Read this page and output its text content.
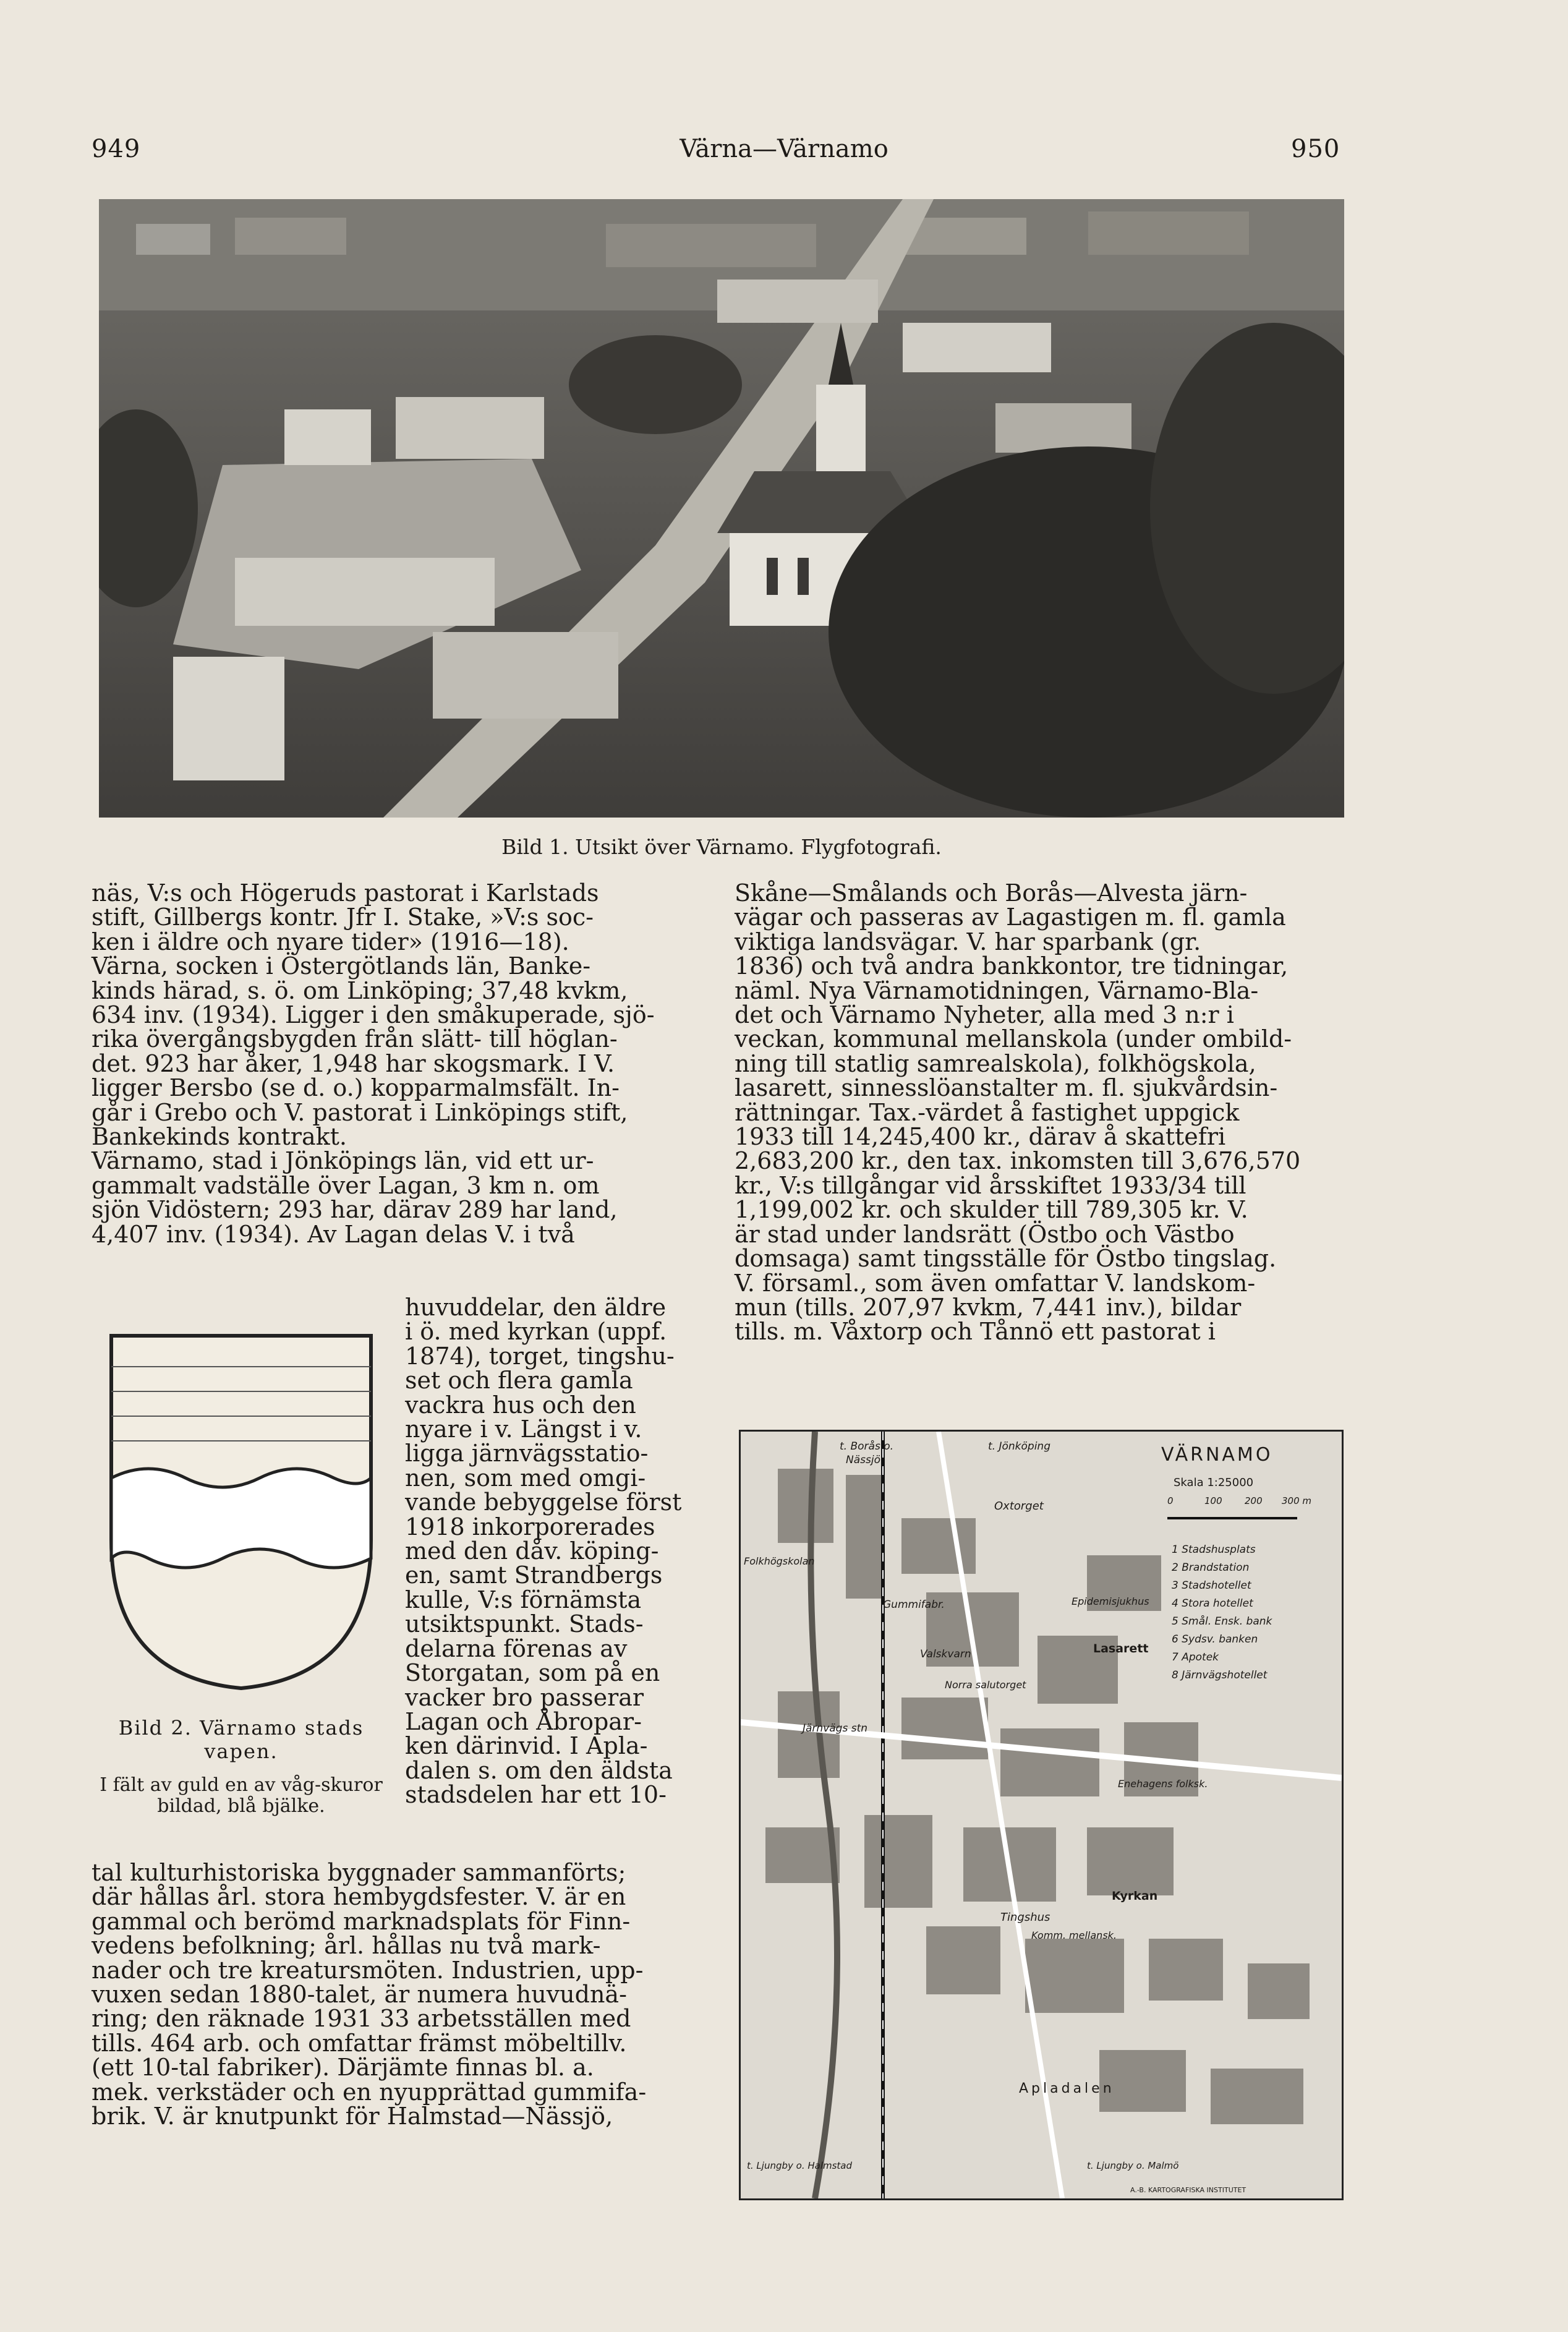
949	Värna—Värnamo	950
Bild 1. Utsikt över Värnamo. Flygfotografi.

näs, V:s och Högeruds pastorat i Karlstads

stift, Gillbergs kontr. Jfr I. Stake, »V:s soc-

ken i äldre och nyare tider» (1916—18).

Värna, socken i Östergötlands län, Banke-

kinds härad, s. ö. om Linköping; 37,48 kvkm,

634 inv. (1934). Ligger i den småkuperade, sjö-

rika övergångsbygden från slätt- till höglan-

det. 923 har åker, 1,948 har skogsmark. I V.

ligger Bersbo (se d. o.) kopparmalmsfält. In-

går i Grebo och V. pastorat i Linköpings stift,

Bankekinds kontrakt.

Värnamo, stad i Jönköpings län, vid ett ur-

gammalt vadställe över Lagan, 3 km n. om

sjön Vidöstern; 293 har, därav 289 har land,

4,407 inv. (1934). Av Lagan delas V. i två

Bild 2. Värnamo stads vapen.
I fält av guld en av våg-skuror bildad, blå bjälke.

huvuddelar, den äldre

i ö. med kyrkan (uppf.

1874), torget, tingshu-

set och flera gamla

vackra hus och den

nyare i v. Längst i v.

ligga järnvägsstatio-

nen, som med omgi-

vande bebyggelse först

1918 inkorporerades

med den dåv. köping-

en, samt Strandbergs

kulle, V:s förnämsta

utsiktspunkt. Stads-

delarna förenas av

Storgatan, som på en

vacker bro passerar

Lagan och Åbropar-

ken därinvid. I Apla-

dalen s. om den äldsta

stadsdelen har ett 10-

tal kulturhistoriska byggnader sammanförts;

där hållas årl. stora hembygdsfester. V. är en

gammal och berömd marknadsplats för Finn-

vedens befolkning; årl. hållas nu två mark-

nader och tre kreatursmöten. Industrien, upp-

vuxen sedan 1880-talet, är numera huvudnä-

ring; den räknade 1931 33 arbetsställen med

tills. 464 arb. och omfattar främst möbeltillv.

(ett 10-tal fabriker). Därjämte finnas bl. a.

mek. verkstäder och en nyupprättad gummifa-

brik. V. är knutpunkt för Halmstad—Nässjö,

Skåne—Smålands och Borås—Alvesta järn-

vägar och passeras av Lagastigen m. fl. gamla

viktiga landsvägar. V. har sparbank (gr.

1836) och två andra bankkontor, tre tidningar,

näml. Nya Värnamotidningen, Värnamo-Bla-

det och Värnamo Nyheter, alla med 3 n:r i

veckan, kommunal mellanskola (under ombild-

ning till statlig samrealskola), folkhögskola,

lasarett, sinnesslöanstalter m. fl. sjukvårdsin-

rättningar. Tax.-värdet å fastighet uppgick

1933 till 14,245,400 kr., därav å skattefri

2,683,200 kr., den tax. inkomsten till 3,676,570

kr., V:s tillgångar vid årsskiftet 1933/34 till

1,199,002 kr. och skulder till 789,305 kr. V.

är stad under landsrätt (Östbo och Västbo

domsaga) samt tingsställe för Östbo tingslag.

V. församl., som även omfattar V. landskom-

mun (tills. 207,97 kvkm, 7,441 inv.), bildar

tills. m. Våxtorp och Tånnö ett pastorat i

VÄRNAMO
Skala 1:25000
0	100 200 300 m
t. Borås o.
Nässjö
t. Jönköping
Oxtorget
Folkhögskolan
Gummifabr.	Epidemisjukhus
Lasarett
Valskvarn
Norra salutorget
Järnvägs stn
Enehagens folksk.
Kyrkan
Tingshus
Komm. mellansk.
Apladalen
t. Ljungby o. Halmstad	t. Ljungby o. Malmö
A.-B. KARTOGRAFISKA INSTITUTET
1 Stadshusplats
2 Brandstation
3 Stadshotellet
4 Stora hotellet
5 Smål. Ensk. bank
6 Sydsv. banken
7 Apotek
8 Järnvägshotellet
